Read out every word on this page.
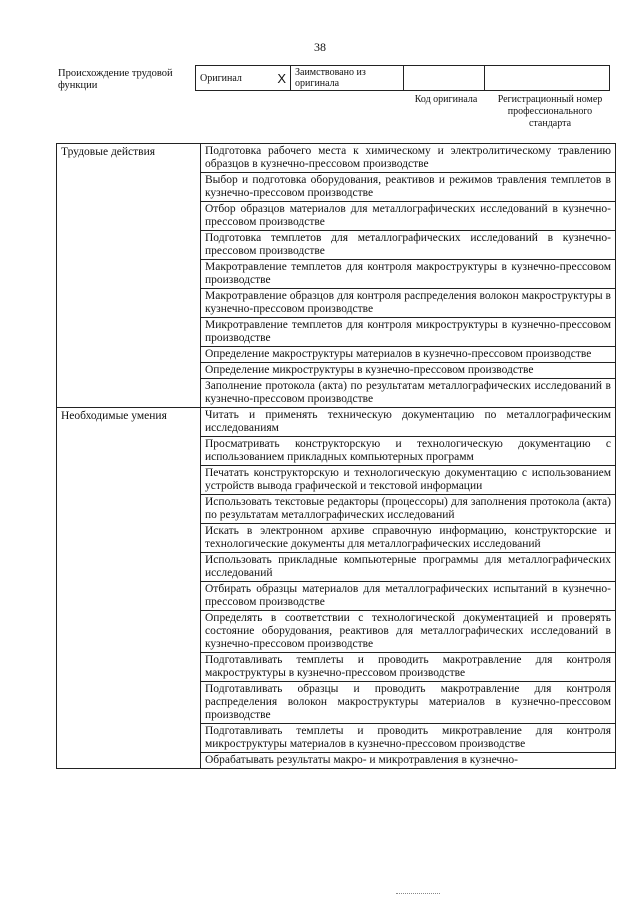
38
Происхождение трудовой функции
Оригинал	X	Заимствовано из оригинала		
Код оригинала	Регистрационный номер профессионального стандарта
Трудовые действия	Подготовка рабочего места к химическому и электролитическому травлению образцов в кузнечно-прессовом производстве
	Выбор и подготовка оборудования, реактивов и режимов травления темплетов в кузнечно-прессовом производстве
	Отбор образцов материалов для металлографических исследований в кузнечно-прессовом производстве
	Подготовка темплетов для металлографических исследований в кузнечно-прессовом производстве
	Макротравление темплетов для контроля макроструктуры в кузнечно-прессовом производстве
	Макротравление образцов для контроля распределения волокон макроструктуры в кузнечно-прессовом производстве
	Микротравление темплетов для контроля микроструктуры в кузнечно-прессовом производстве
	Определение макроструктуры материалов в кузнечно-прессовом производстве
	Определение микроструктуры в кузнечно-прессовом производстве
	Заполнение протокола (акта) по результатам металлографических исследований в кузнечно-прессовом производстве
Необходимые умения	Читать и применять техническую документацию по металлографическим исследованиям
	Просматривать конструкторскую и технологическую документацию с использованием прикладных компьютерных программ
	Печатать конструкторскую и технологическую документацию с использованием устройств вывода графической и текстовой информации
	Использовать текстовые редакторы (процессоры) для заполнения протокола (акта) по результатам металлографических исследований
	Искать в электронном архиве справочную информацию, конструкторские и технологические документы для металлографических исследований
	Использовать прикладные компьютерные программы для металлографических исследований
	Отбирать образцы материалов для металлографических испытаний в кузнечно-прессовом производстве
	Определять в соответствии с технологической документацией и проверять состояние оборудования, реактивов для металлографических исследований в кузнечно-прессовом производстве
	Подготавливать темплеты и проводить макротравление для контроля макроструктуры в кузнечно-прессовом производстве
	Подготавливать образцы и проводить макротравление для контроля распределения волокон макроструктуры материалов в кузнечно-прессовом производстве
	Подготавливать темплеты и проводить микротравление для контроля микроструктуры материалов в кузнечно-прессовом производстве
	Обрабатывать результаты макро- и микротравления в кузнечно-
